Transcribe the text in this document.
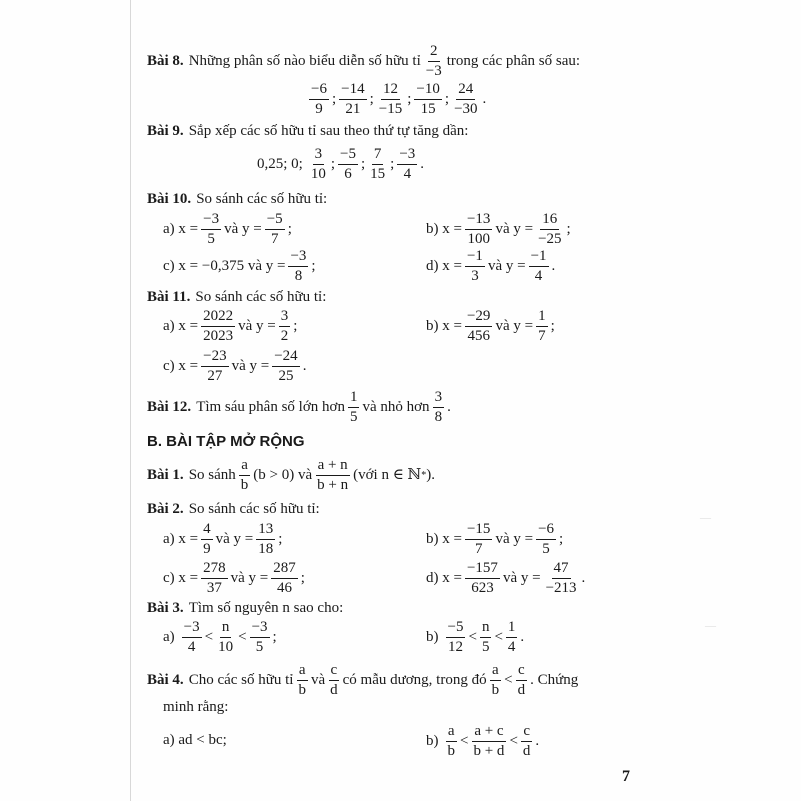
—
—
Bài 8. Những phân số nào biểu diễn số hữu tỉ $\frac{2}{-3}$ trong các phân số sau:
$\frac{-6}{9}$ ; $\frac{-14}{21}$ ; $\frac{12}{-15}$ ; $\frac{-10}{15}$ ; $\frac{24}{-30}$ .
Bài 9. Sắp xếp các số hữu tỉ sau theo thứ tự tăng dần:
0,25; 0; $\frac{3}{10}$ ; $\frac{-5}{6}$ ; $\frac{7}{15}$ ; $\frac{-3}{4}$ .
Bài 10. So sánh các số hữu tỉ:
a) $x = \frac{-3}{5}$ và $y = \frac{-5}{7}$ ;	b) $x = \frac{-13}{100}$ và $y = \frac{16}{-25}$ ;
c) x = −0,375 và $y = \frac{-3}{8}$ ;	d) $x = \frac{-1}{3}$ và $y = \frac{-1}{4}$ .
Bài 11. So sánh các số hữu tỉ:
a) $x = \frac{2022}{2023}$ và $y = \frac{3}{2}$ ;	b) $x = \frac{-29}{456}$ và $y = \frac{1}{7}$ ;
c) $x = \frac{-23}{27}$ và $y = \frac{-24}{25}$ .
Bài 12. Tìm sáu phân số lớn hơn $\frac{1}{5}$ và nhỏ hơn $\frac{3}{8}$ .
B. BÀI TẬP MỞ RỘNG
Bài 1. So sánh $\frac{a}{b} (b > 0)$ và $\frac{a + n}{b + n}$ (với n ∈ ℕ * ).
Bài 2. So sánh các số hữu tỉ:
a) $x = \frac{4}{9}$ và $y = \frac{13}{18}$ ;	b) $x = \frac{-15}{7}$ và $y = \frac{-6}{5}$ ;
c) $x = \frac{278}{37}$ và $y = \frac{287}{46}$ ;	d) $x = \frac{-157}{623}$ và $y = \frac{47}{-213}$ .
Bài 3. Tìm số nguyên n sao cho:
$a) \frac{-3}{4} < \frac{n}{10} < \frac{-3}{5}$ ;	$b) \frac{-5}{12} < \frac{n}{5} < \frac{1}{4}$ .
Bài 4. Cho các số hữu tỉ $\frac{a}{b}$ và $\frac{c}{d}$ có mẫu dương, trong đó $\frac{a}{b} < \frac{c}{d}$ . Chứng
minh rằng:
a) ad < bc;	$b) \frac{a}{b} < \frac{a + c}{b + d} < \frac{c}{d}$ .
7
